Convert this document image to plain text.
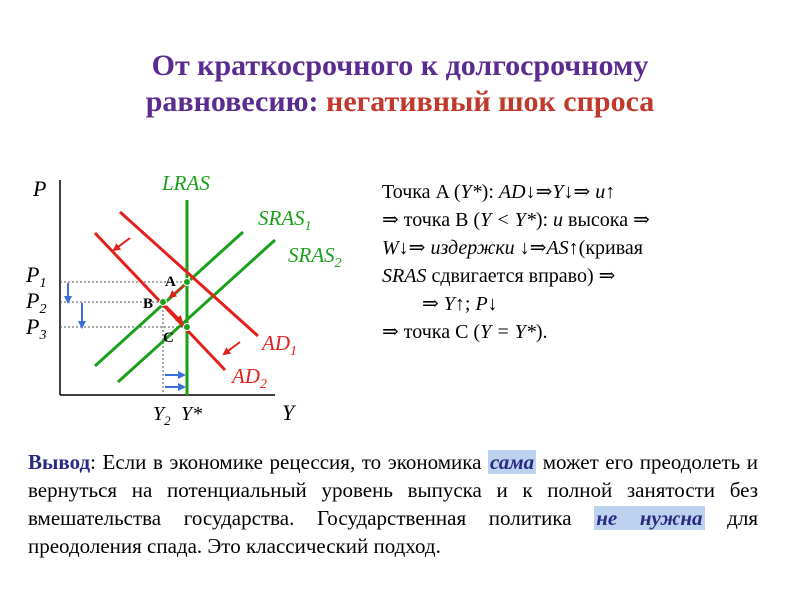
От краткосрочного к долгосрочному
равновесию: негативный шок спроса
P
Y
LRAS
$SRAS_1$
$SRAS_2$
$AD_1$
$AD_2$
$P_1$
$P_2$
$P_3$
$Y_2$ Y*
A
B
C
Точка A (Y*): AD↓⇒Y↓⇒ u↑
⇒ точка B (Y < Y*): u высока ⇒
W↓⇒ издержки ↓⇒AS↑(кривая
SRAS сдвигается вправо) ⇒
⇒ Y↑; P↓
⇒ точка C (Y = Y*).
Вывод: Если в экономике рецессия, то экономика сама может его преодолеть и вернуться на потенциальный уровень выпуска и к полной занятости без вмешательства государства. Государственная политика не нужна для преодоления спада. Это классический подход.
